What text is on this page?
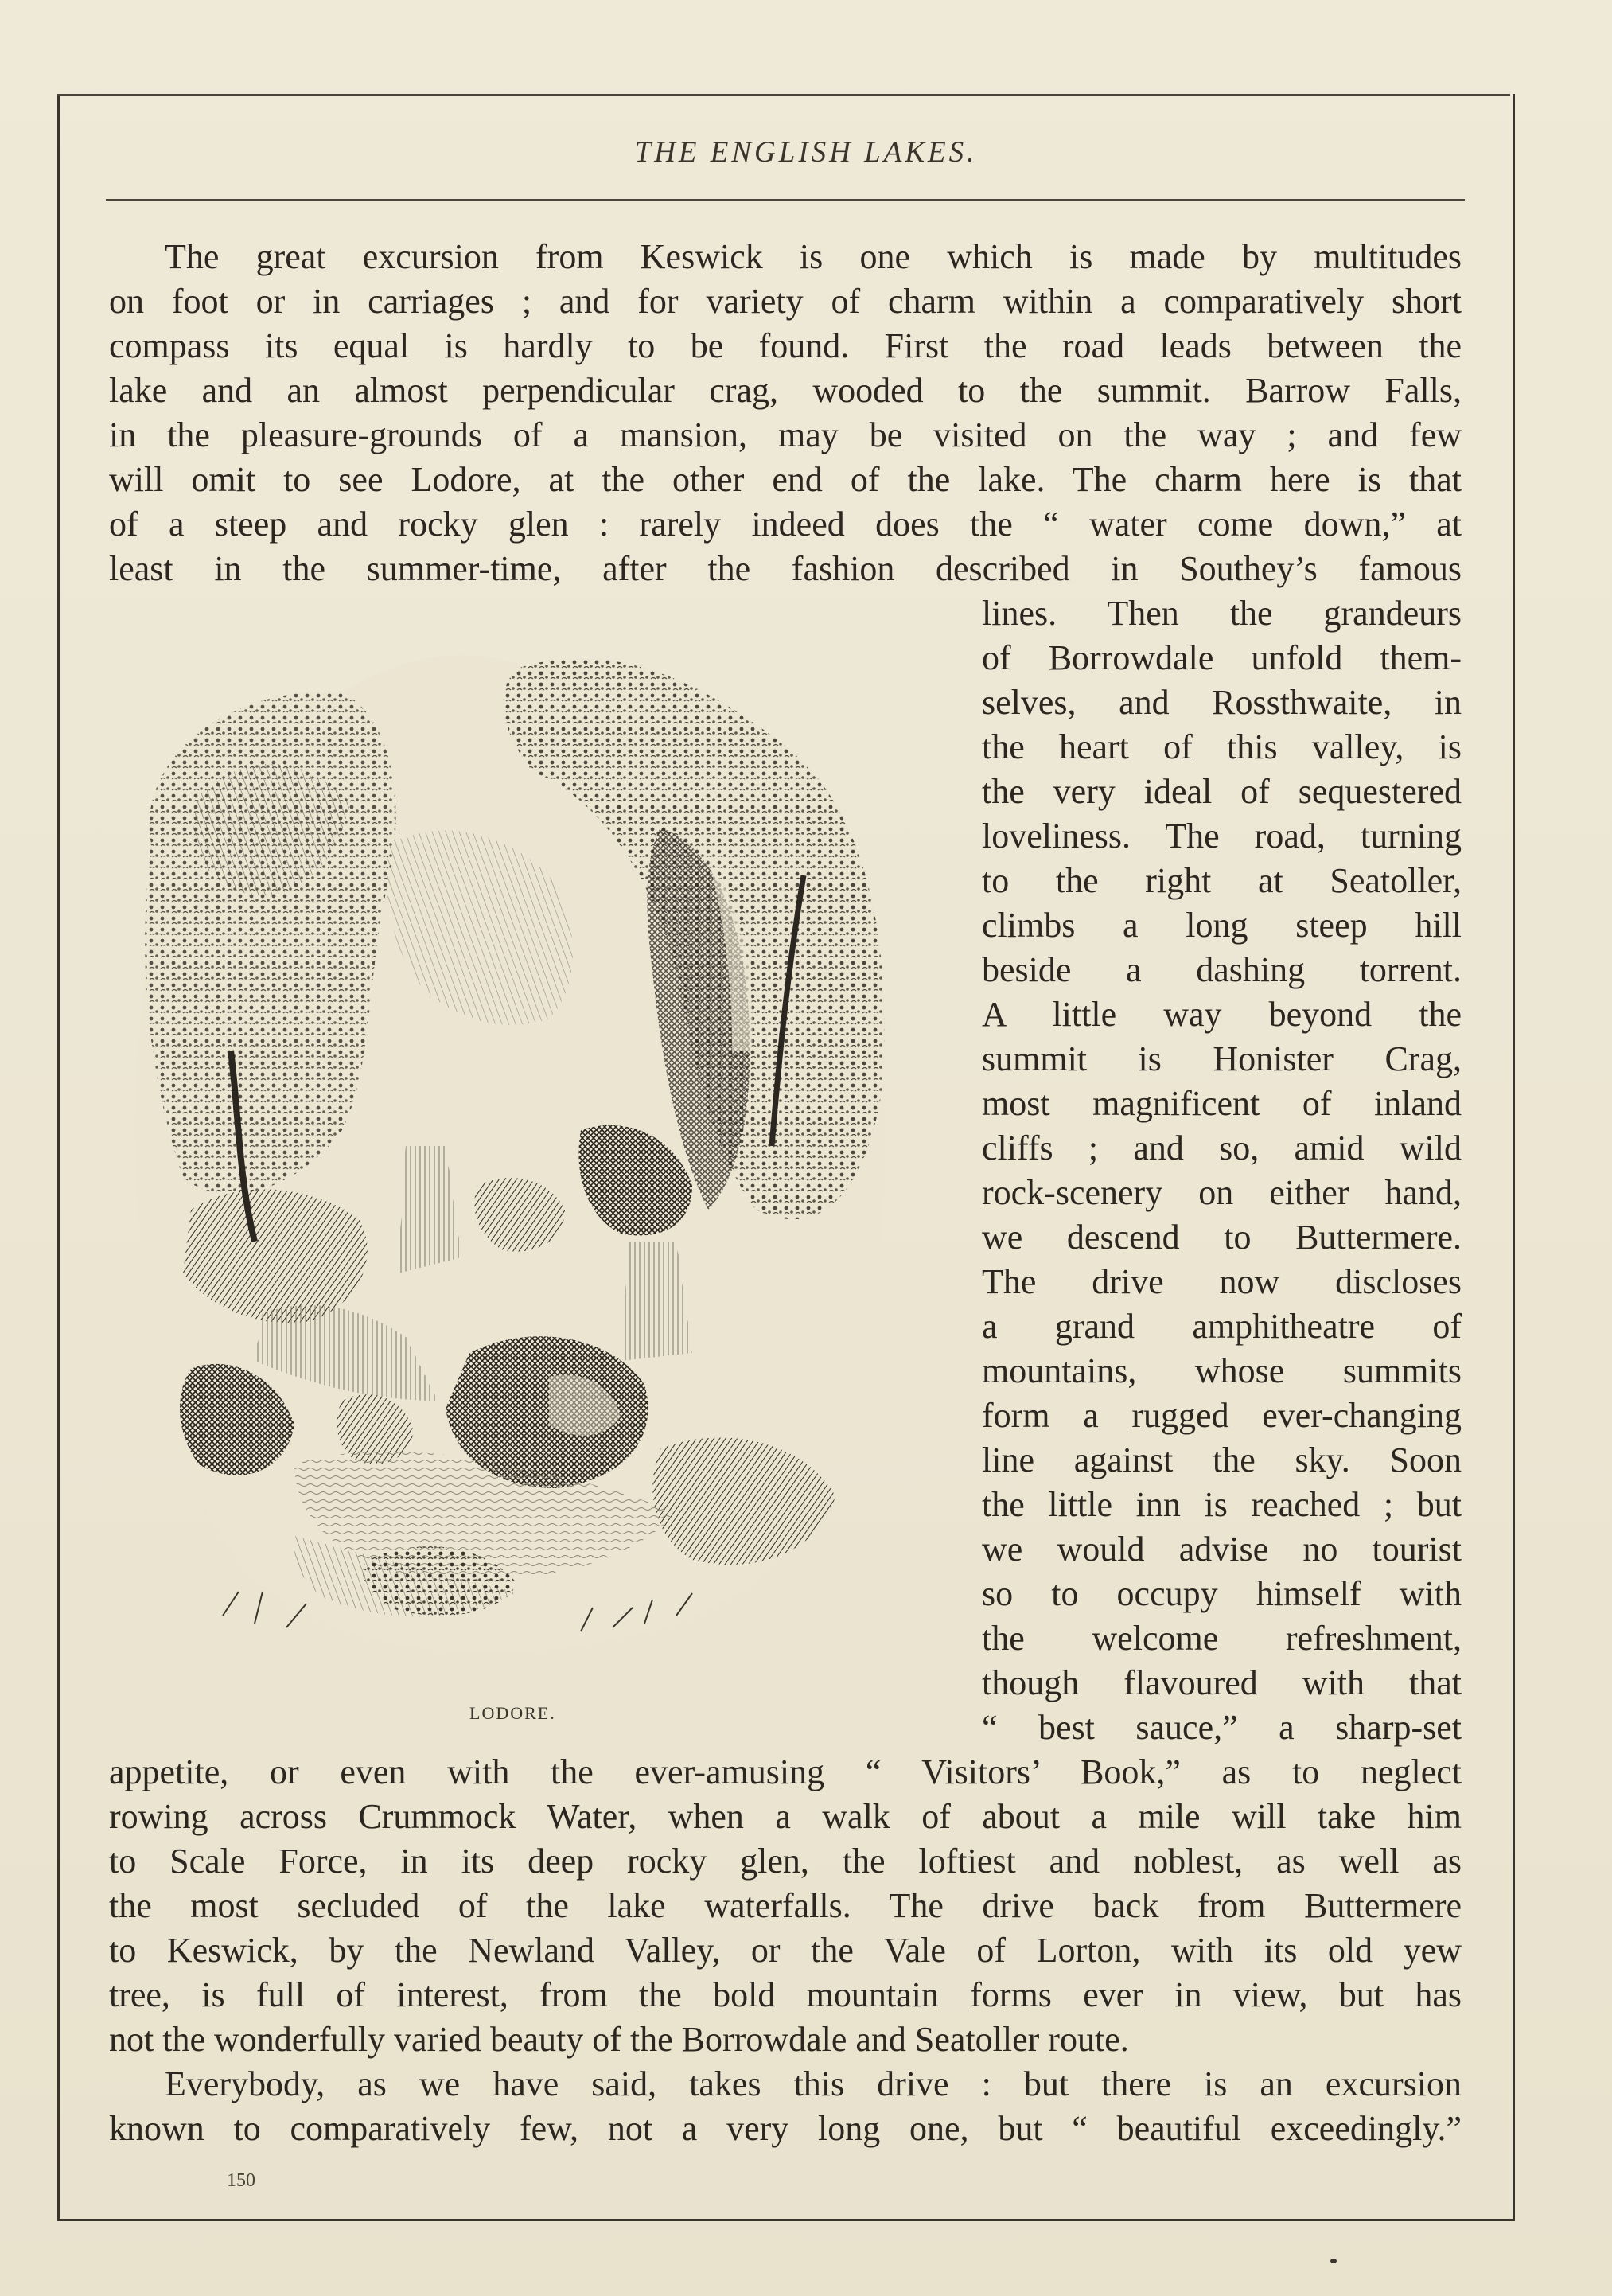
THE ENGLISH LAKES.
The great excursion from Keswick is one which is made by multitudes
on foot or in carriages ; and for variety of charm within a comparatively short
compass its equal is hardly to be found. First the road leads between the
lake and an almost perpendicular crag, wooded to the summit. Barrow Falls,
in the pleasure-grounds of a mansion, may be visited on the way ; and few
will omit to see Lodore, at the other end of the lake. The charm here is that
of a steep and rocky glen : rarely indeed does the “ water come down,” at
least in the summer-time, after the fashion described in Southey’s famous
lines. Then the grandeurs
of Borrowdale unfold them-
selves, and Rossthwaite, in
the heart of this valley, is
the very ideal of sequestered
loveliness. The road, turning
to the right at Seatoller,
climbs a long steep hill
beside a dashing torrent.
A little way beyond the
summit is Honister Crag,
most magnificent of inland
cliffs ; and so, amid wild
rock-scenery on either hand,
we descend to Buttermere.
The drive now discloses
a grand amphitheatre of
mountains, whose summits
form a rugged ever-changing
line against the sky. Soon
the little inn is reached ; but
we would advise no tourist
so to occupy himself with
the welcome refreshment,
though flavoured with that
“ best sauce,” a sharp-set
LODORE.
appetite, or even with the ever-amusing “ Visitors’ Book,” as to neglect
rowing across Crummock Water, when a walk of about a mile will take him
to Scale Force, in its deep rocky glen, the loftiest and noblest, as well as
the most secluded of the lake waterfalls. The drive back from Buttermere
to Keswick, by the Newland Valley, or the Vale of Lorton, with its old yew
tree, is full of interest, from the bold mountain forms ever in view, but has
not the wonderfully varied beauty of the Borrowdale and Seatoller route.
Everybody, as we have said, takes this drive : but there is an excursion
known to comparatively few, not a very long one, but “ beautiful exceedingly.”
150
